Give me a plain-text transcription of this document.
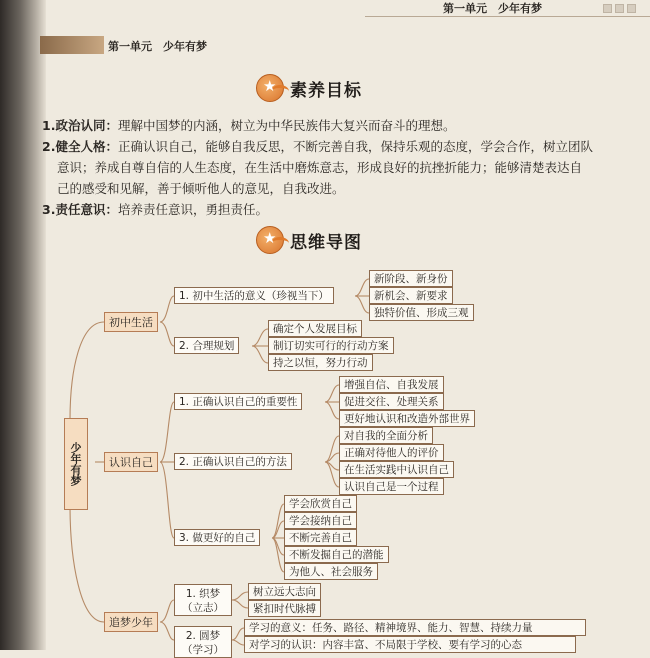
第一单元　少年有梦
第一单元　少年有梦
★
素养目标
1.政治认同：理解中国梦的内涵，树立为中华民族伟大复兴而奋斗的理想。
2.健全人格：正确认识自己，能够自我反思，不断完善自我，保持乐观的态度，学会合作，树立团队
意识；养成自尊自信的人生态度，在生活中磨炼意志，形成良好的抗挫折能力；能够清楚表达自
己的感受和见解，善于倾听他人的意见，自我改进。
3.责任意识：培养责任意识，勇担责任。
★
思维导图
少年有梦
初中生活
1. 初中生活的意义（珍视当下）
新阶段、新身份
新机会、新要求
独特价值、形成三观
2. 合理规划
确定个人发展目标
制订切实可行的行动方案
持之以恒，努力行动
认识自己
1. 正确认识自己的重要性
增强自信、自我发展
促进交往、处理关系
更好地认识和改造外部世界
2. 正确认识自己的方法
对自我的全面分析
正确对待他人的评价
在生活实践中认识自己
认识自己是一个过程
3. 做更好的自己
学会欣赏自己
学会接纳自己
不断完善自己
不断发掘自己的潜能
为他人、社会服务
追梦少年
1. 织梦
（立志）
树立远大志向
紧扣时代脉搏
2. 圆梦
（学习）
学习的意义：任务、路径、精神境界、能力、智慧、持续力量
对学习的认识：内容丰富、不局限于学校、要有学习的心态
